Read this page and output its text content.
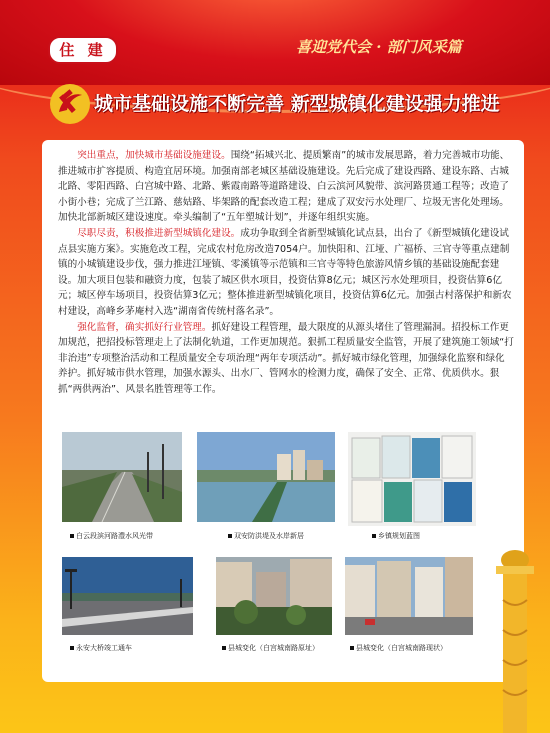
住 建	喜迎党代会 · 部门风采篇
城市基础设施不断完善 新型城镇化建设强力推进

突出重点，加快城市基础设施建设。围绕“拓城兴北、提质繁南”的城市发展思路，着力完善城市功能、推进城市扩容提质、构造宜居环境。加强南部老城区基础设施建设。先后完成了建设西路、建设东路、古城北路、零阳西路、白宫城中路、北路、紫霞南路等道路建设、白云滨河风貌带、滨河路贯通工程等；改造了小街小巷；完成了兰江路、慈姑路、毕架路的配套改造工程；建成了双安污水处理厂、垃圾无害化处理场。加快北部新城区建设速度。牵头编制了“五年塑城计划”，并逐年组织实施。

尽职尽责，积极推进新型城镇化建设。成功争取到全省新型城镇化试点县，出台了《新型城镇化建设试点县实施方案》。实施危改工程，完成农村危房改造7054户。加快阳和、江垭、广福桥、三官寺等重点建制镇的小城镇建设步伐，强力推进江垭镇、零溪镇等示范镇和三官寺等特色旅游风情乡镇的基础设施配套建设。加大项目包装和融资力度，包装了城区供水项目，投资估算8亿元；城区污水处理项目，投资估算6亿元；城区停车场项目，投资估算3亿元；整体推进新型城镇化项目，投资估算6亿元。加强古村落保护和新农村建设，高峰乡茅庵村入选“湖南省传统村落名录”。

强化监督，确实抓好行业管理。抓好建设工程管理，最大限度的从源头堵住了管理漏洞。招投标工作更加规范，把招投标管理走上了法制化轨道，工作更加规范。狠抓工程质量安全监管，开展了建筑施工领域“打非治违”专项整治活动和工程质量安全专项治理“两年专项活动”。抓好城市绿化管理，加强绿化监察和绿化养护。抓好城市供水管理，加强水源头、出水厂、管网水的检测力度，确保了安全、正常、优质供水。狠抓“两供两治”、风景名胜管理等工作。

白云段滨河路澧水风光带	双安防洪堤及水岸新居	乡镇规划蓝图
永安大桥竣工通车	县城变化（白宫城南路原址）	县城变化（白宫城南路现状）
